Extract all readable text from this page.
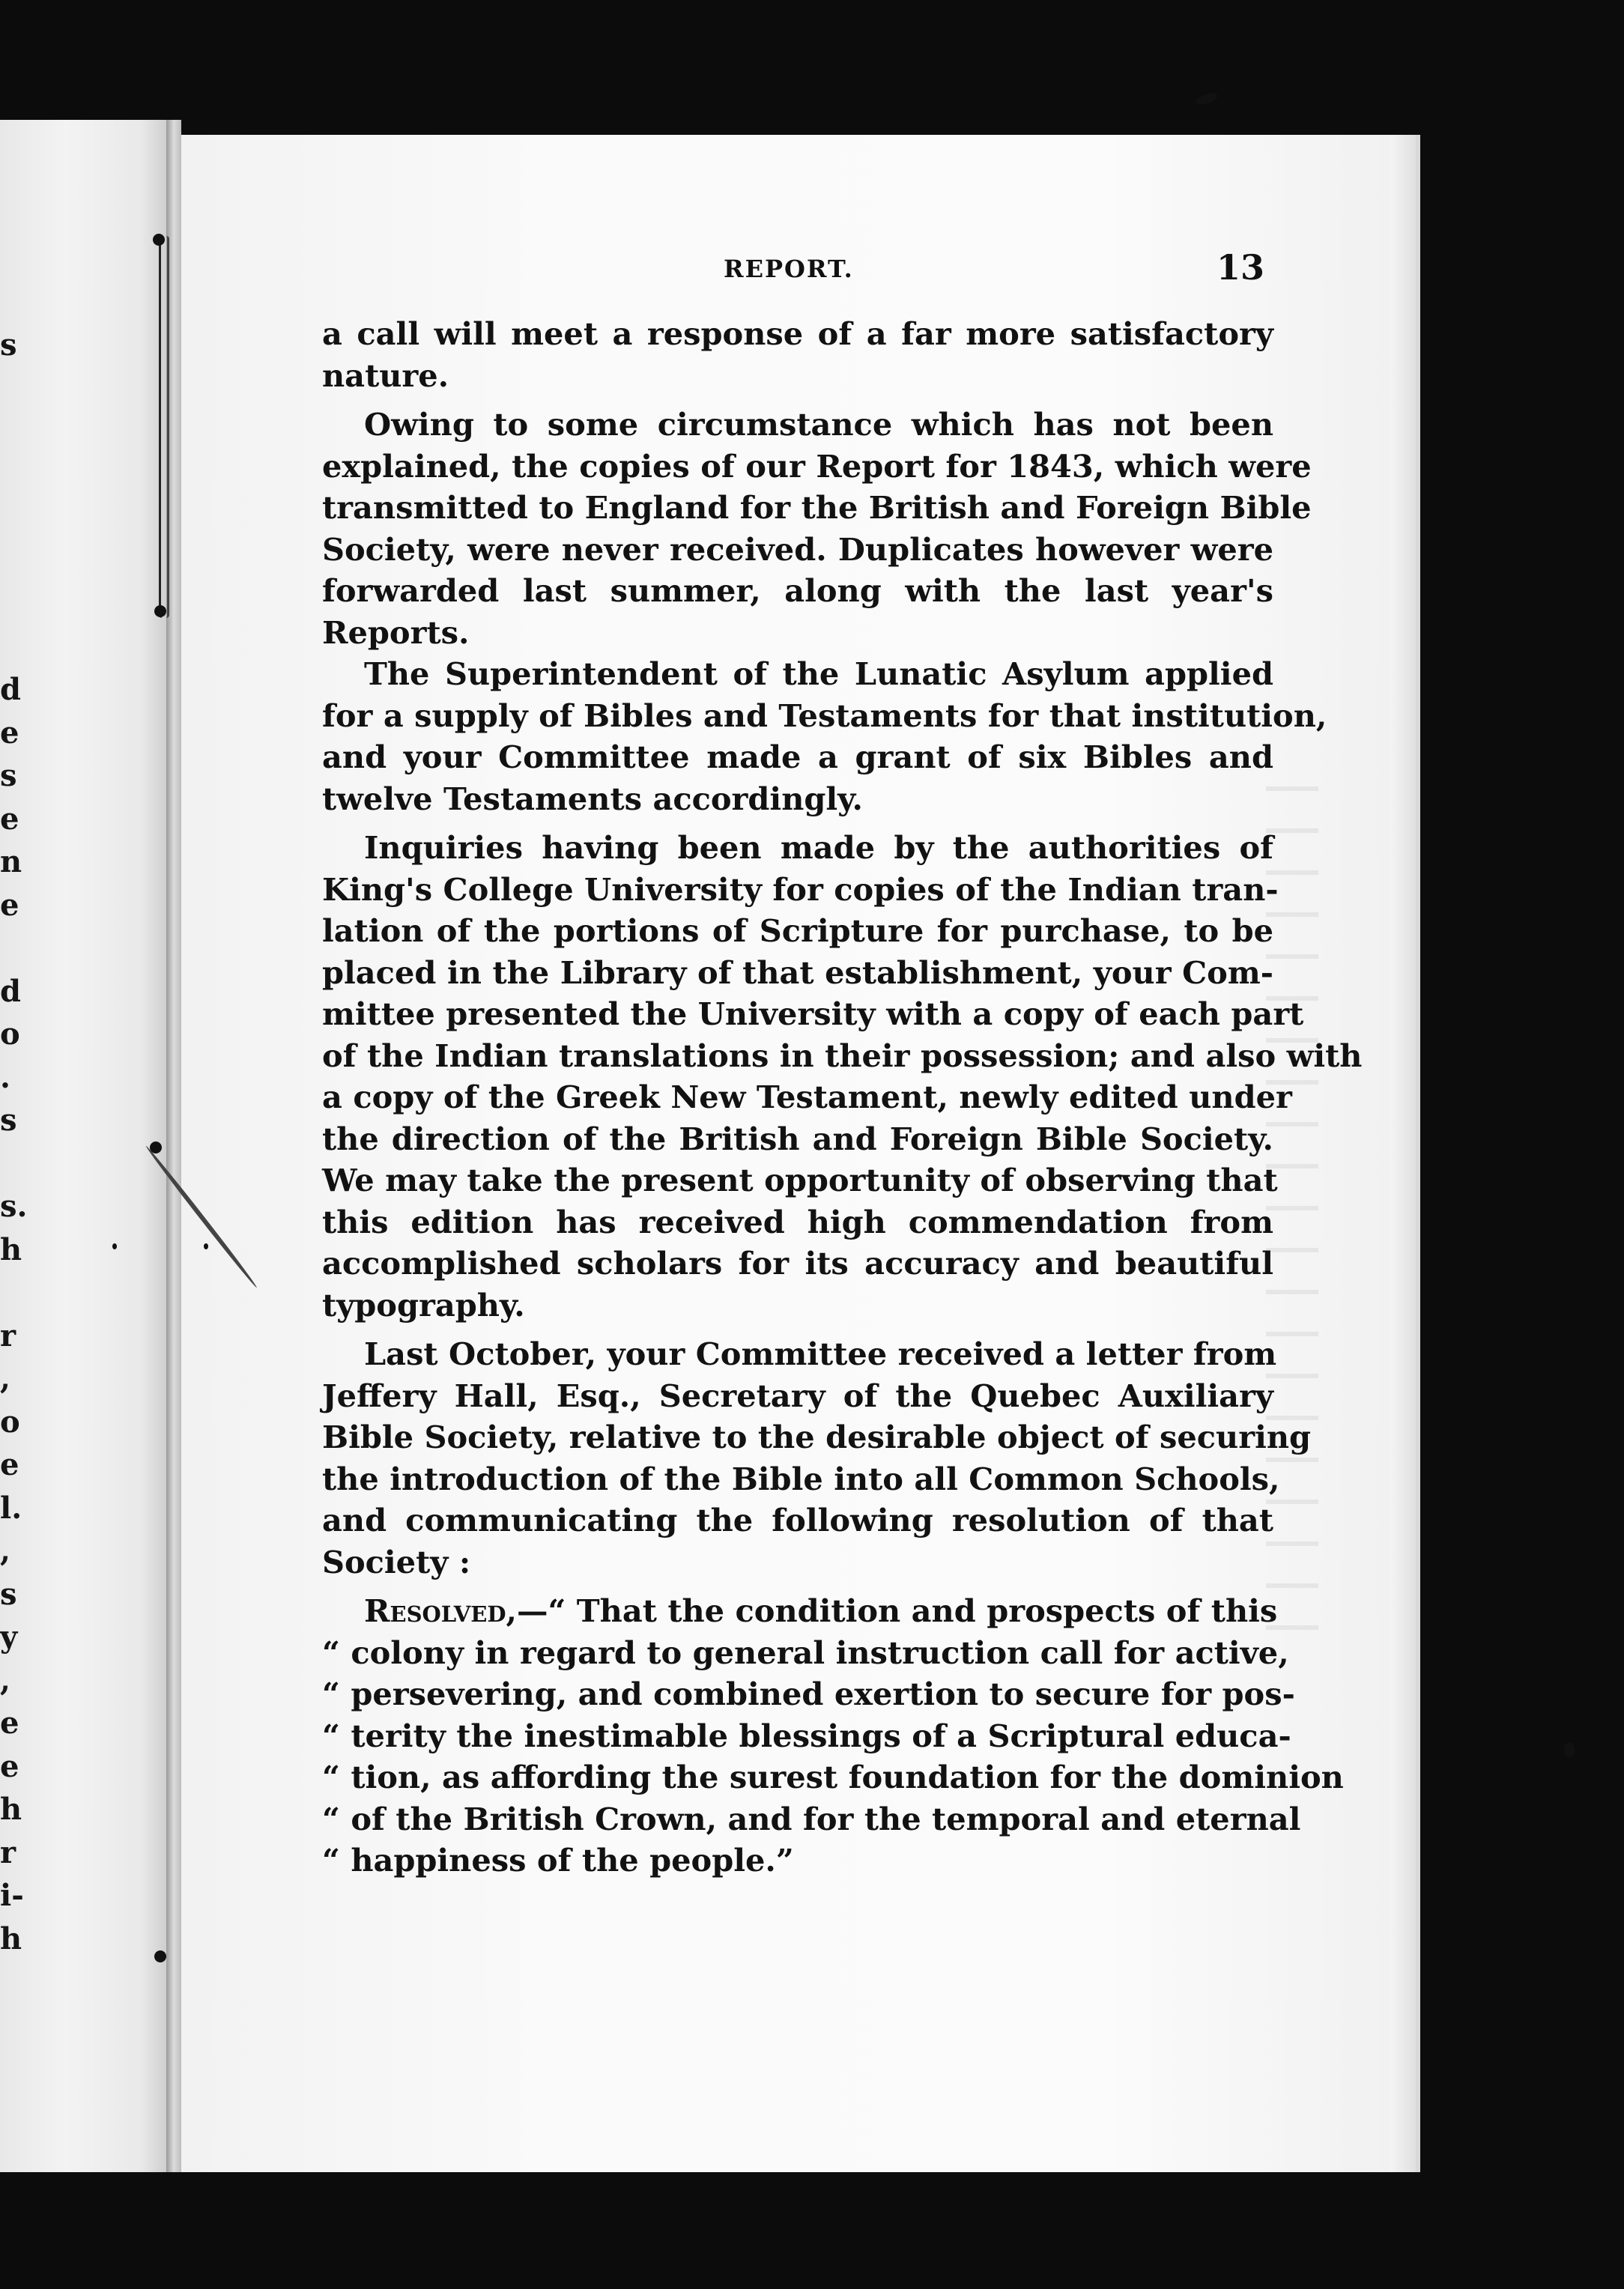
s
d
e
s
e
n
e
d
o
.
s
s.
h
r
,
o
e
l.
,
s
y
,
e
e
h
r
i-
h
REPORT.	13
a call will meet a response of a far more satisfactory
nature.
Owing to some circumstance which has not been
explained, the copies of our Report for 1843, which were
transmitted to England for the British and Foreign Bible
Society, were never received. Duplicates however were
forwarded last summer, along with the last year's
Reports.
The Superintendent of the Lunatic Asylum applied
for a supply of Bibles and Testaments for that institution,
and your Committee made a grant of six Bibles and
twelve Testaments accordingly.
Inquiries having been made by the authorities of
King's College University for copies of the Indian tran-
lation of the portions of Scripture for purchase, to be
placed in the Library of that establishment, your Com-
mittee presented the University with a copy of each part
of the Indian translations in their possession; and also with
a copy of the Greek New Testament, newly edited under
the direction of the British and Foreign Bible Society.
We may take the present opportunity of observing that
this edition has received high commendation from
accomplished scholars for its accuracy and beautiful
typography.
Last October, your Committee received a letter from
Jeffery Hall, Esq., Secretary of the Quebec Auxiliary
Bible Society, relative to the desirable object of securing
the introduction of the Bible into all Common Schools,
and communicating the following resolution of that
Society :
Resolved,—“ That the condition and prospects of this
“ colony in regard to general instruction call for active,
“ persevering, and combined exertion to secure for pos-
“ terity the inestimable blessings of a Scriptural educa-
“ tion, as affording the surest foundation for the dominion
“ of the British Crown, and for the temporal and eternal
“ happiness of the people.”
